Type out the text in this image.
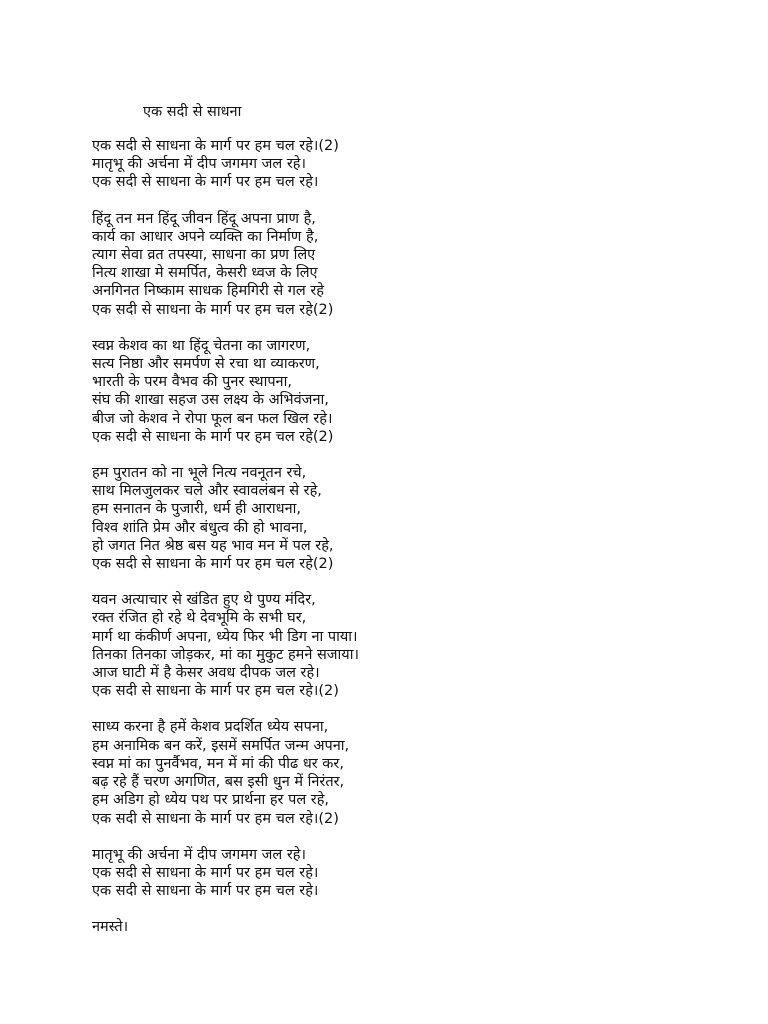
एक सदी से साधना
एक सदी से साधना के मार्ग पर हम चल रहे।(2)
मातृभू की अर्चना में दीप जगमग जल रहे।
एक सदी से साधना के मार्ग पर हम चल रहे।
हिंदू तन मन हिंदू जीवन हिंदू अपना प्राण है,
कार्य का आधार अपने व्यक्ति का निर्माण है,
त्याग सेवा व्रत तपस्या, साधना का प्रण लिए
नित्य शाखा मे समर्पित, केसरी ध्वज के लिए
अनगिनत निष्काम साधक हिमगिरी से गल रहे
एक सदी से साधना के मार्ग पर हम चल रहे(2)
स्वप्न केशव का था हिंदू चेतना का जागरण,
सत्य निष्ठा और समर्पण से रचा था व्याकरण,
भारती के परम वैभव की पुनर स्थापना,
संघ की शाखा सहज उस लक्ष्य के अभिवंजना,
बीज जो केशव ने रोपा फूल बन फल खिल रहे।
एक सदी से साधना के मार्ग पर हम चल रहे(2)
हम पुरातन को ना भूले नित्य नवनूतन रचे,
साथ मिलजुलकर चले और स्वावलंबन से रहे,
हम सनातन के पुजारी, धर्म ही आराधना,
विश्व शांति प्रेम और बंधुत्व की हो भावना,
हो जगत नित श्रेष्ठ बस यह भाव मन में पल रहे,
एक सदी से साधना के मार्ग पर हम चल रहे(2)
यवन अत्याचार से खंडित हुए थे पुण्य मंदिर,
रक्त रंजित हो रहे थे देवभूमि के सभी घर,
मार्ग था कंकीर्ण अपना, ध्येय फिर भी डिग ना पाया।
तिनका तिनका जोड़कर, मां का मुकुट हमने सजाया।
आज घाटी में है केसर अवध दीपक जल रहे।
एक सदी से साधना के मार्ग पर हम चल रहे।(2)
साध्य करना है हमें केशव प्रदर्शित ध्येय सपना,
हम अनामिक बन करें, इसमें समर्पित जन्म अपना,
स्वप्न मां का पुनर्वैभव, मन में मां की पीढ धर कर,
बढ़ रहे हैं चरण अगणित, बस इसी धुन में निरंतर,
हम अडिग हो ध्येय पथ पर प्रार्थना हर पल रहे,
एक सदी से साधना के मार्ग पर हम चल रहे।(2)
मातृभू की अर्चना में दीप जगमग जल रहे।
एक सदी से साधना के मार्ग पर हम चल रहे।
एक सदी से साधना के मार्ग पर हम चल रहे।
नमस्ते।
